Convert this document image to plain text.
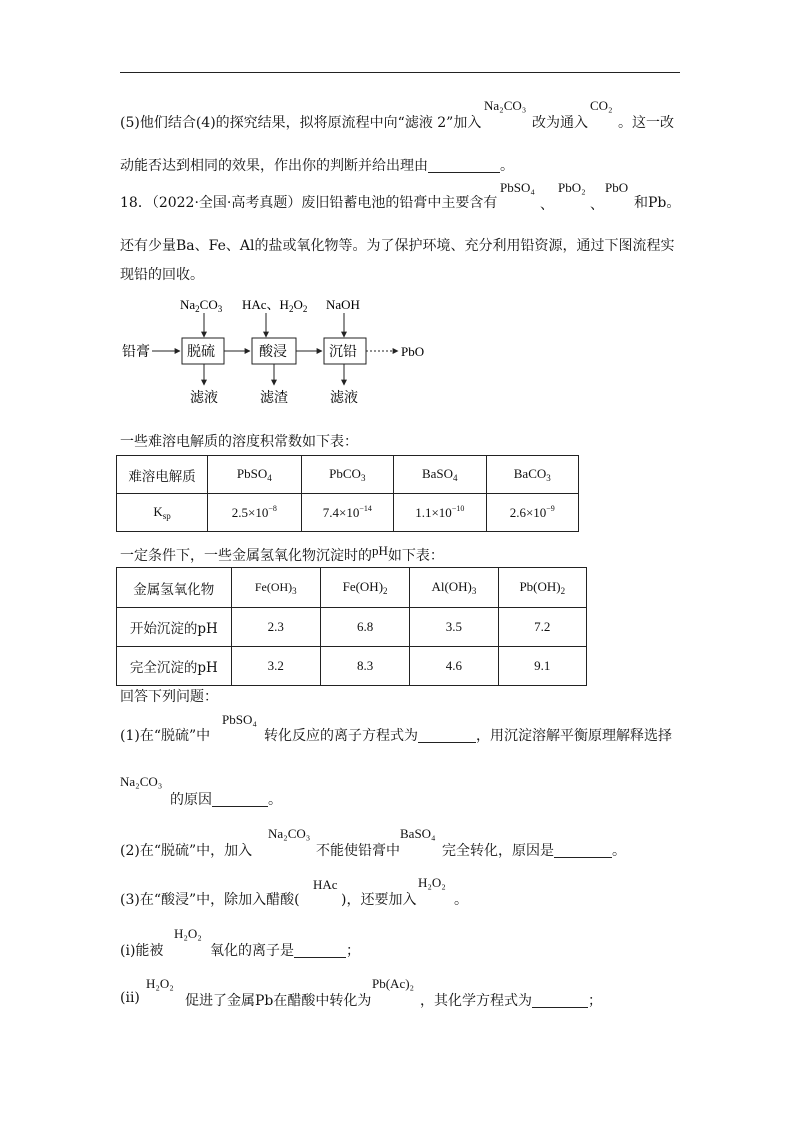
(5)他们结合(4)的探究结果，拟将原流程中向“滤液 2”加入
Na₂CO₃
改为通入
CO₂
。这一改
动能否达到相同的效果，作出你的判断并给出理由	。
18．（2022·全国·高考真题）废旧铅蓄电池的铅膏中主要含有
PbSO₄
、
PbO₂
、
PbO
和Pb。
还有少量Ba、Fe、Al的盐或氧化物等。为了保护环境、充分利用铅资源，通过下图流程实
现铅的回收。
$Na_2CO_3$ HAc、$H_2O_2$ NaOH
铅膏	脱硫	酸浸	沉铅	PbO
滤液	滤渣	滤液
一些难溶电解质的溶度积常数如下表：
难溶电解质	PbSO$_4$	PbCO$_3$	BaSO$_4$	BaCO$_3$
$K_{sp}$	$2.5\times 10^{-8}$	$7.4\times 10^{-14}$	$1.1\times 10^{-10}$	$2.6\times 10^{-9}$
一定条件下，一些金属氢氧化物沉淀时的pH如下表：
金属氢氧化物	$Fe(OH)_3$	$Fe(OH)_2$	$Al(OH)_3$	$Pb(OH)_2$
开始沉淀的pH	2.3	6.8	3.5	7.2
完全沉淀的pH	3.2	8.3	4.6	9.1
回答下列问题：
(1)在“脱硫”中
PbSO₄
转化反应的离子方程式为	，用沉淀溶解平衡原理解释选择
Na₂CO₃
的原因	。
(2)在“脱硫”中，加入
Na₂CO₃
不能使铅膏中
BaSO₄
完全转化，原因是	。
(3)在“酸浸”中，除加入醋酸(
HAc
)，还要加入
H₂O₂
。
(ⅰ)能被
H₂O₂
氧化的离子是	；
(ⅱ)
H₂O₂
促进了金属Pb在醋酸中转化为
Pb(Ac)₂
，其化学方程式为	；
